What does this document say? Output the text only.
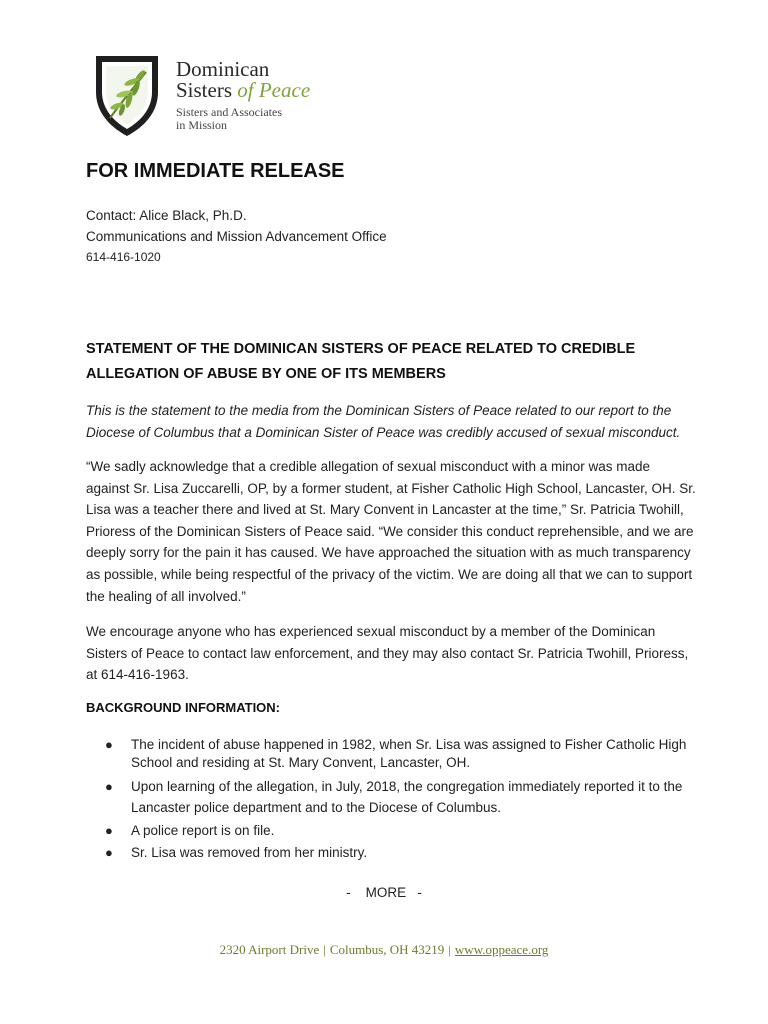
Dominican
Sisters of Peace
Sisters and Associates
in Mission
FOR IMMEDIATE RELEASE
Contact: Alice Black, Ph.D.
Communications and Mission Advancement Office
614-416-1020
STATEMENT OF THE DOMINICAN SISTERS OF PEACE RELATED TO CREDIBLE
ALLEGATION OF ABUSE BY ONE OF ITS MEMBERS

This is the statement to the media from the Dominican Sisters of Peace related to our report to the Diocese of Columbus that a Dominican Sister of Peace was credibly accused of sexual misconduct.

“We sadly acknowledge that a credible allegation of sexual misconduct with a minor was made against Sr. Lisa Zuccarelli, OP, by a former student, at Fisher Catholic High School, Lancaster, OH. Sr. Lisa was a teacher there and lived at St. Mary Convent in Lancaster at the time,” Sr. Patricia Twohill, Prioress of the Dominican Sisters of Peace said. “We consider this conduct reprehensible, and we are deeply sorry for the pain it has caused. We have approached the situation with as much transparency as possible, while being respectful of the privacy of the victim. We are doing all that we can to support the healing of all involved.”

We encourage anyone who has experienced sexual misconduct by a member of the Dominican Sisters of Peace to contact law enforcement, and they may also contact Sr. Patricia Twohill, Prioress, at 614-416-1963.

BACKGROUND INFORMATION:
● The incident of abuse happened in 1982, when Sr. Lisa was assigned to Fisher Catholic High School and residing at St. Mary Convent, Lancaster, OH.
● Upon learning of the allegation, in July, 2018, the congregation immediately reported it to the Lancaster police department and to the Diocese of Columbus.
● A police report is on file.
● Sr. Lisa was removed from her ministry.
-    MORE   -
2320 Airport Drive | Columbus, OH 43219 | www.oppeace.org
